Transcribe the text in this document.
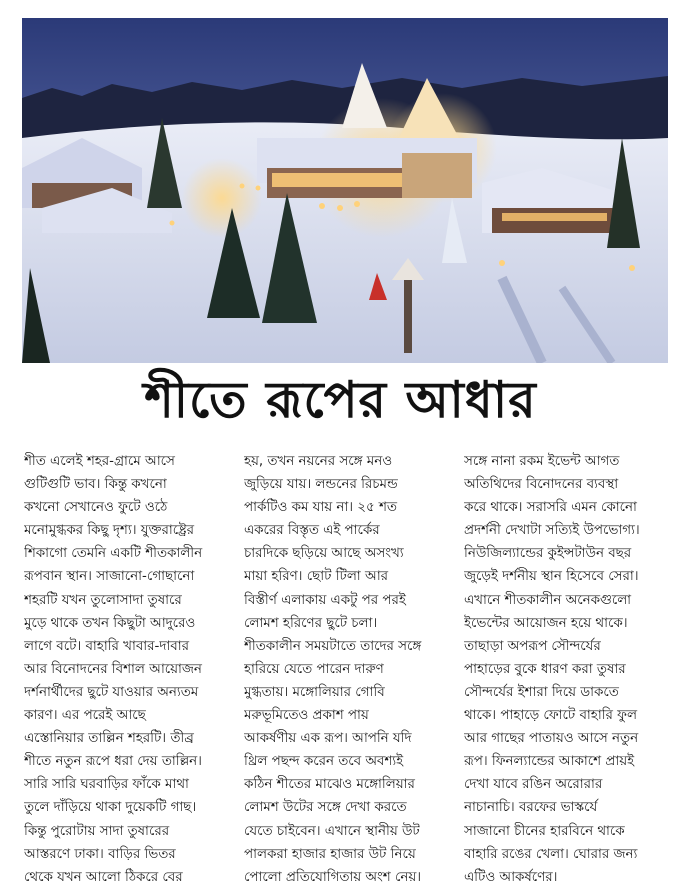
শীতে রূপের আধার
শীত এলেই শহর-গ্রামে আসে
গুটিগুটি ভাব। কিন্তু কখনো
কখনো সেখানেও ফুটে ওঠে
মনোমুগ্ধকর কিছু দৃশ্য। যুক্তরাষ্ট্রের
শিকাগো তেমনি একটি শীতকালীন
রূপবান স্থান। সাজানো-গোছানো
শহরটি যখন তুলোসাদা তুষারে
মুড়ে থাকে তখন কিছুটা আদুরেও
লাগে বটে। বাহারি খাবার-দাবার
আর বিনোদনের বিশাল আয়োজন
দর্শনার্থীদের ছুটে যাওয়ার অন্যতম
কারণ। এর পরেই আছে
এস্তোনিয়ার তাল্লিন শহরটি। তীব্র
শীতে নতুন রূপে ধরা দেয় তাল্লিন।
সারি সারি ঘরবাড়ির ফাঁকে মাথা
তুলে দাঁড়িয়ে থাকা দুয়েকটি গাছ।
কিন্তু পুরোটায় সাদা তুষারের
আস্তরণে ঢাকা। বাড়ির ভিতর
থেকে যখন আলো ঠিকরে বের
হয়, তখন নয়নের সঙ্গে মনও
জুড়িয়ে যায়। লন্ডনের রিচমন্ড
পার্কটিও কম যায় না। ২৫ শত
একরের বিস্তৃত এই পার্কের
চারদিকে ছড়িয়ে আছে অসংখ্য
মায়া হরিণ। ছোট টিলা আর
বিস্তীর্ণ এলাকায় একটু পর পরই
লোমশ হরিণের ছুটে চলা।
শীতকালীন সময়টাতে তাদের সঙ্গে
হারিয়ে যেতে পারেন দারুণ
মুগ্ধতায়। মঙ্গোলিয়ার গোবি
মরুভূমিতেও প্রকাশ পায়
আকর্ষণীয় এক রূপ। আপনি যদি
থ্রিল পছন্দ করেন তবে অবশ্যই
কঠিন শীতের মাঝেও মঙ্গোলিয়ার
লোমশ উটের সঙ্গে দেখা করতে
যেতে চাইবেন। এখানে স্থানীয় উট
পালকরা হাজার হাজার উট নিয়ে
পোলো প্রতিযোগিতায় অংশ নেয়।
সঙ্গে নানা রকম ইভেন্ট আগত
অতিথিদের বিনোদনের ব্যবস্থা
করে থাকে। সরাসরি এমন কোনো
প্রদর্শনী দেখাটা সত্যিই উপভোগ্য।
নিউজিল্যান্ডের কুইন্সটাউন বছর
জুড়েই দর্শনীয় স্থান হিসেবে সেরা।
এখানে শীতকালীন অনেকগুলো
ইভেন্টের আয়োজন হয়ে থাকে।
তাছাড়া অপরূপ সৌন্দর্যের
পাহাড়ের বুকে ধারণ করা তুষার
সৌন্দর্যের ইশারা দিয়ে ডাকতে
থাকে। পাহাড়ে ফোটে বাহারি ফুল
আর গাছের পাতায়ও আসে নতুন
রূপ। ফিনল্যান্ডের আকাশে প্রায়ই
দেখা যাবে রঙিন অরোরার
নাচানাচি। বরফের ভাস্কর্যে
সাজানো চীনের হারবিনে থাকে
বাহারি রঙের খেলা। ঘোরার জন্য
এটিও আকর্ষণের।
